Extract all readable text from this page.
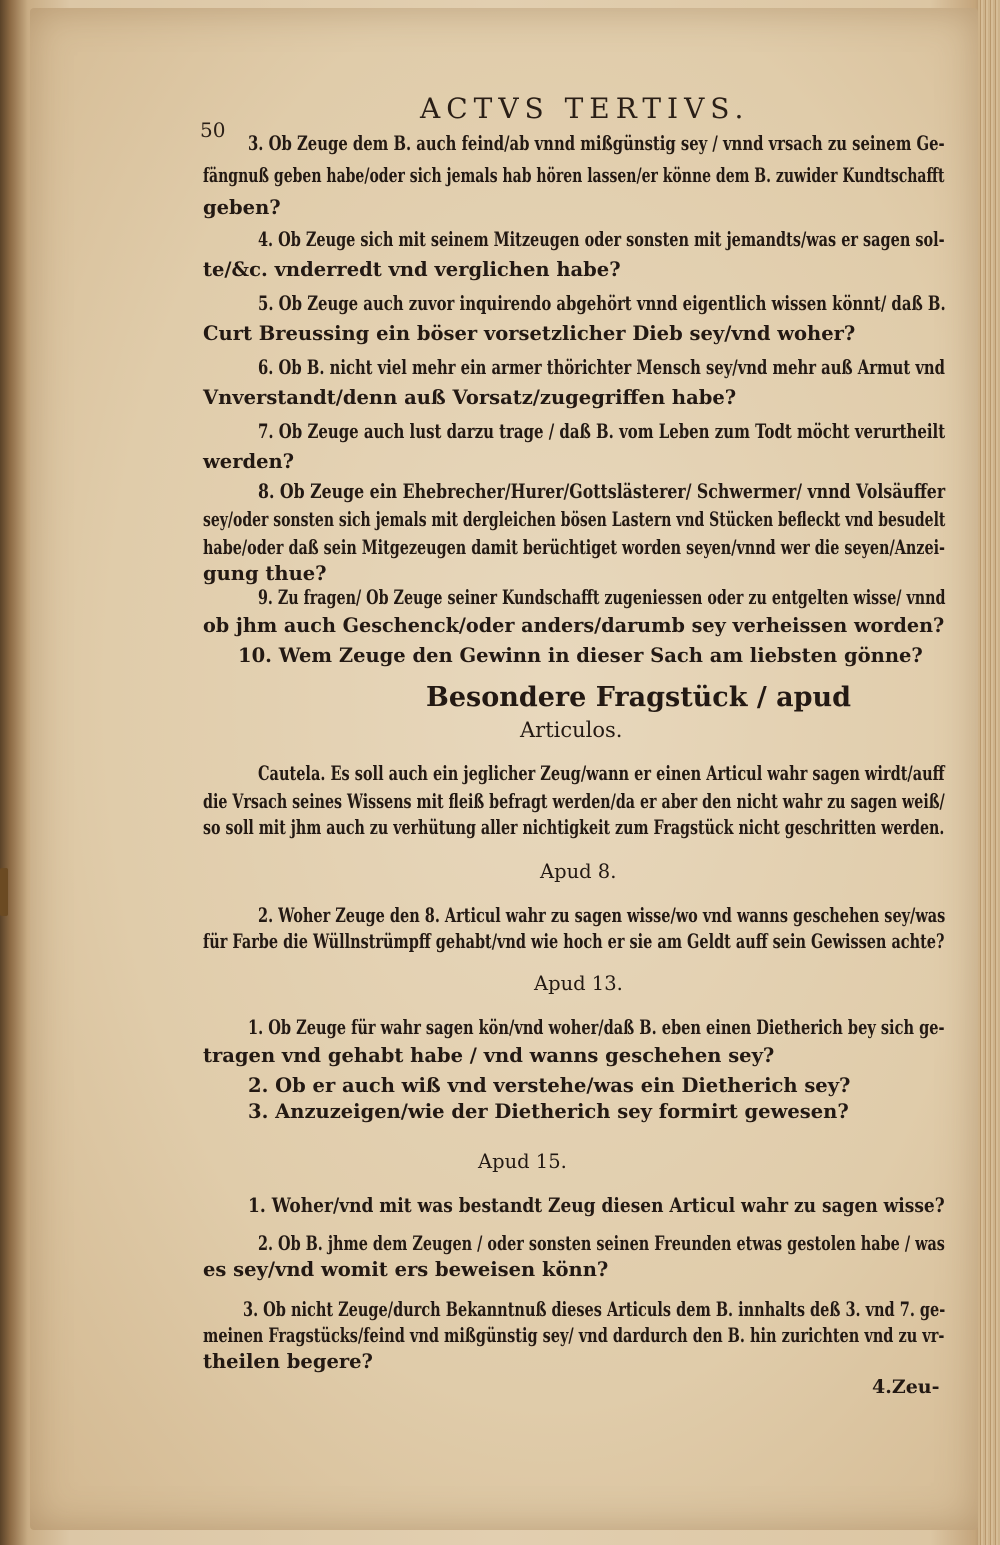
50
ACTVS TERTIVS.
3. Ob Zeuge dem B. auch feind/ab vnnd mißgünstig sey / vnnd vrsach zu seinem Ge-
fängnuß geben habe/oder sich jemals hab hören lassen/er könne dem B. zuwider Kundtschafft
geben?
4. Ob Zeuge sich mit seinem Mitzeugen oder sonsten mit jemandts/was er sagen sol-
te/&c. vnderredt vnd verglichen habe?
5. Ob Zeuge auch zuvor inquirendo abgehört vnnd eigentlich wissen könnt/ daß B.
Curt Breussing ein böser vorsetzlicher Dieb sey/vnd woher?
6. Ob B. nicht viel mehr ein armer thörichter Mensch sey/vnd mehr auß Armut vnd
Vnverstandt/denn auß Vorsatz/zugegriffen habe?
7. Ob Zeuge auch lust darzu trage / daß B. vom Leben zum Todt möcht verurtheilt
werden?
8. Ob Zeuge ein Ehebrecher/Hurer/Gottslästerer/ Schwermer/ vnnd Volsäuffer
sey/oder sonsten sich jemals mit dergleichen bösen Lastern vnd Stücken befleckt vnd besudelt
habe/oder daß sein Mitgezeugen damit berüchtiget worden seyen/vnnd wer die seyen/Anzei-
gung thue?
9. Zu fragen/ Ob Zeuge seiner Kundschafft zugeniessen oder zu entgelten wisse/ vnnd
ob jhm auch Geschenck/oder anders/darumb sey verheissen worden?
10. Wem Zeuge den Gewinn in dieser Sach am liebsten gönne?
Besondere Fragstück / apud
Articulos.
Cautela. Es soll auch ein jeglicher Zeug/wann er einen Articul wahr sagen wirdt/auff
die Vrsach seines Wissens mit fleiß befragt werden/da er aber den nicht wahr zu sagen weiß/
so soll mit jhm auch zu verhütung aller nichtigkeit zum Fragstück nicht geschritten werden.
Apud 8.
2. Woher Zeuge den 8. Articul wahr zu sagen wisse/wo vnd wanns geschehen sey/was
für Farbe die Wüllnstrümpff gehabt/vnd wie hoch er sie am Geldt auff sein Gewissen achte?
Apud 13.
1. Ob Zeuge für wahr sagen kön/vnd woher/daß B. eben einen Dietherich bey sich ge-
tragen vnd gehabt habe / vnd wanns geschehen sey?
2. Ob er auch wiß vnd verstehe/was ein Dietherich sey?
3. Anzuzeigen/wie der Dietherich sey formirt gewesen?
Apud 15.
1. Woher/vnd mit was bestandt Zeug diesen Articul wahr zu sagen wisse?
2. Ob B. jhme dem Zeugen / oder sonsten seinen Freunden etwas gestolen habe / was
es sey/vnd womit ers beweisen könn?
3. Ob nicht Zeuge/durch Bekanntnuß dieses Articuls dem B. innhalts deß 3. vnd 7. ge-
meinen Fragstücks/feind vnd mißgünstig sey/ vnd dardurch den B. hin zurichten vnd zu vr-
theilen begere?
4.Zeu-
